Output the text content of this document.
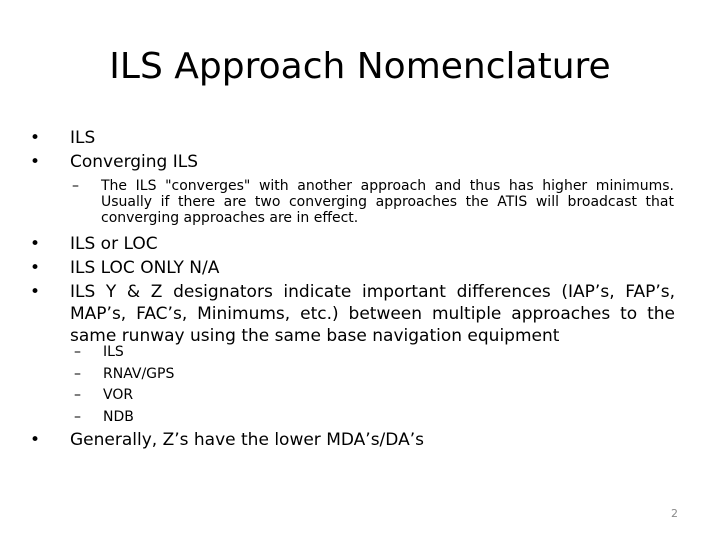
ILS Approach Nomenclature
•	ILS
•	Converging ILS
– The ILS "converges" with another approach and thus has higher minimums. Usually if there are two converging approaches the ATIS will broadcast that converging approaches are in effect.
•	ILS or LOC
•	ILS LOC ONLY N/A
•	ILS Y & Z designators indicate important differences (IAP’s, FAP’s, MAP’s, FAC’s, Minimums, etc.) between multiple approaches to the same runway using the same base navigation equipment
– ILS
– RNAV/GPS
– VOR
– NDB
•	Generally, Z’s have the lower MDA’s/DA’s
2
